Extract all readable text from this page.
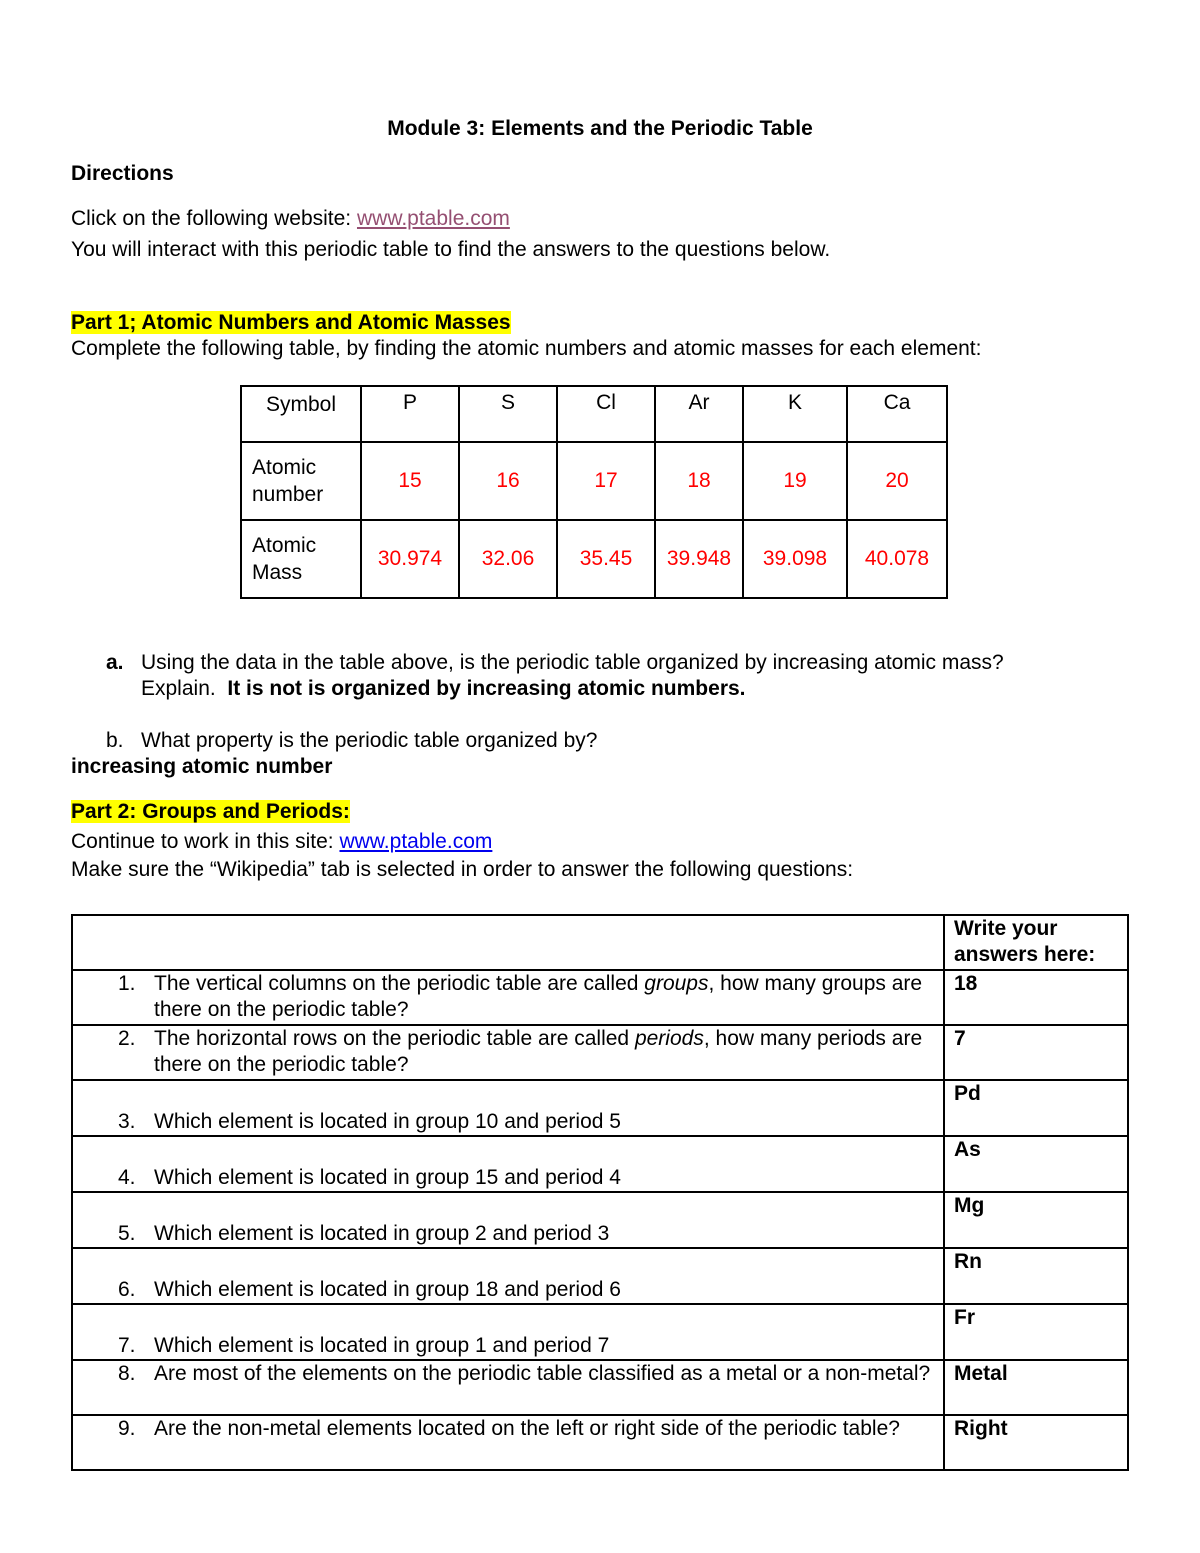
Module 3: Elements and the Periodic Table
Directions
Click on the following website: www.ptable.com
You will interact with this periodic table to find the answers to the questions below.
Part 1; Atomic Numbers and Atomic Masses
Complete the following table, by finding the atomic numbers and atomic masses for each element:
Symbol	P	S	Cl	Ar	K	Ca
Atomic number	15	16	17	18	19	20
Atomic Mass	30.974	32.06	35.45	39.948	39.098	40.078
a. Using the data in the table above, is the periodic table organized by increasing atomic mass?
Explain. It is not is organized by increasing atomic numbers.
b. What property is the periodic table organized by?
increasing atomic number
Part 2: Groups and Periods:
Continue to work in this site: www.ptable.com
Make sure the “Wikipedia” tab is selected in order to answer the following questions:
	Write your answers here:

1. The vertical columns on the periodic table are called groups, how many groups are there on the periodic table?	18

2. The horizontal rows on the periodic table are called periods, how many periods are there on the periodic table?	7

3. Which element is located in group 10 and period 5	Pd

4. Which element is located in group 15 and period 4	As

5. Which element is located in group 2 and period 3	Mg

6. Which element is located in group 18 and period 6	Rn

7. Which element is located in group 1 and period 7	Fr

8. Are most of the elements on the periodic table classified as a metal or a non-metal?	Metal

9. Are the non-metal elements located on the left or right side of the periodic table?	Right
